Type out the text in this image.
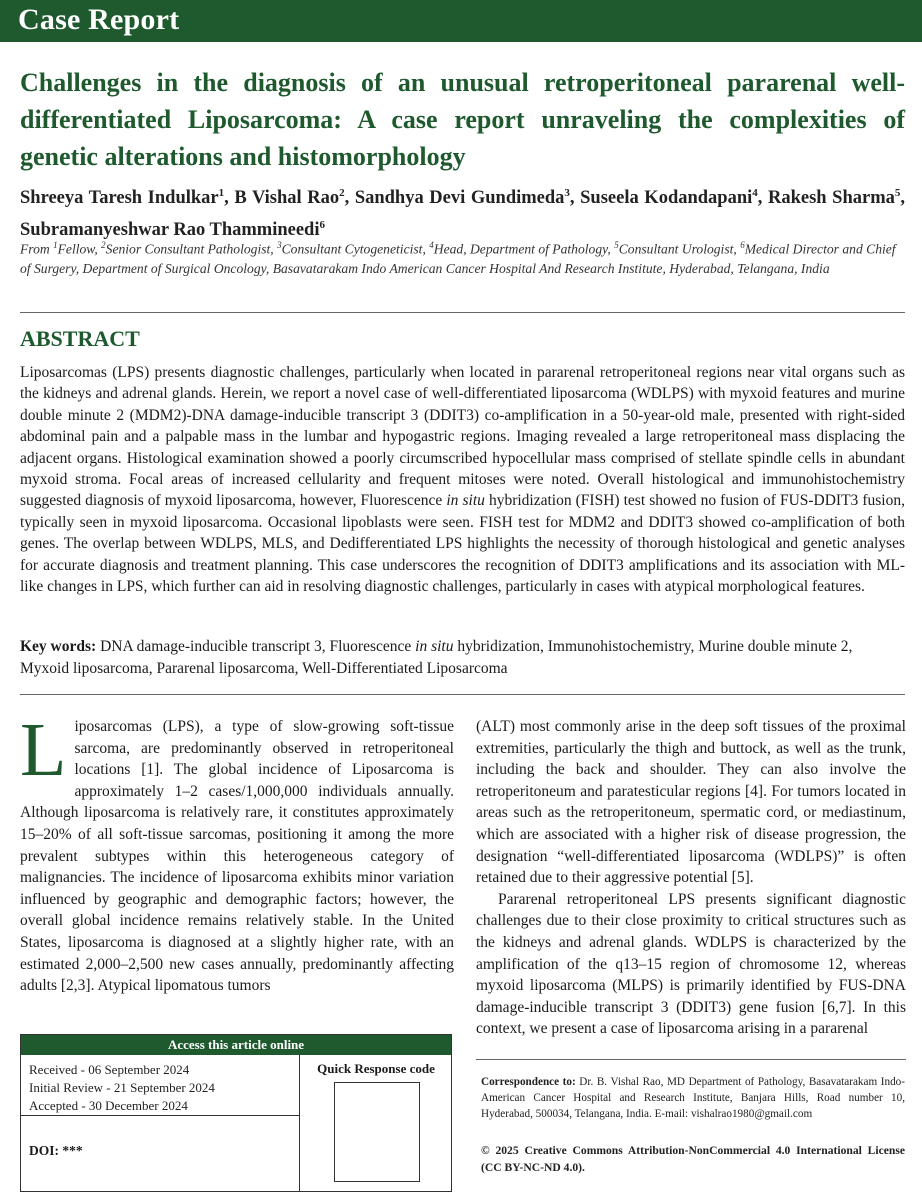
Case Report
Challenges in the diagnosis of an unusual retroperitoneal pararenal well-differentiated Liposarcoma: A case report unraveling the complexities of genetic alterations and histomorphology

Shreeya Taresh Indulkar$^1$, B Vishal Rao$^2$, Sandhya Devi Gundimeda$^3$, Suseela Kodandapani$^4$, Rakesh Sharma$^5$, Subramanyeshwar Rao Thammineedi$^6$

From $^1$Fellow, $^2$Senior Consultant Pathologist, $^3$Consultant Cytogeneticist, $^4$Head, Department of Pathology, $^5$Consultant Urologist, $^6$Medical Director and Chief of Surgery, Department of Surgical Oncology, Basavatarakam Indo American Cancer Hospital And Research Institute, Hyderabad, Telangana, India

ABSTRACT

Liposarcomas (LPS) presents diagnostic challenges, particularly when located in pararenal retroperitoneal regions near vital organs such as the kidneys and adrenal glands. Herein, we report a novel case of well-differentiated liposarcoma (WDLPS) with myxoid features and murine double minute 2 (MDM2)-DNA damage-inducible transcript 3 (DDIT3) co-amplification in a 50-year-old male, presented with right-sided abdominal pain and a palpable mass in the lumbar and hypogastric regions. Imaging revealed a large retroperitoneal mass displacing the adjacent organs. Histological examination showed a poorly circumscribed hypocellular mass comprised of stellate spindle cells in abundant myxoid stroma. Focal areas of increased cellularity and frequent mitoses were noted. Overall histological and immunohistochemistry suggested diagnosis of myxoid liposarcoma, however, Fluorescence in situ hybridization (FISH) test showed no fusion of FUS-DDIT3 fusion, typically seen in myxoid liposarcoma. Occasional lipoblasts were seen. FISH test for MDM2 and DDIT3 showed co-amplification of both genes. The overlap between WDLPS, MLS, and Dedifferentiated LPS highlights the necessity of thorough histological and genetic analyses for accurate diagnosis and treatment planning. This case underscores the recognition of DDIT3 amplifications and its association with ML-like changes in LPS, which further can aid in resolving diagnostic challenges, particularly in cases with atypical morphological features.

Key words: DNA damage-inducible transcript 3, Fluorescence in situ hybridization, Immunohistochemistry, Murine double minute 2, Myxoid liposarcoma, Pararenal liposarcoma, Well-Differentiated Liposarcoma

Liposarcomas (LPS), a type of slow-growing soft-tissue sarcoma, are predominantly observed in retroperitoneal locations [1]. The global incidence of Liposarcoma is approximately 1–2 cases/1,000,000 individuals annually. Although liposarcoma is relatively rare, it constitutes approximately 15–20% of all soft-tissue sarcomas, positioning it among the more prevalent subtypes within this heterogeneous category of malignancies. The incidence of liposarcoma exhibits minor variation influenced by geographic and demographic factors; however, the overall global incidence remains relatively stable. In the United States, liposarcoma is diagnosed at a slightly higher rate, with an estimated 2,000–2,500 new cases annually, predominantly affecting adults [2,3]. Atypical lipomatous tumors

(ALT) most commonly arise in the deep soft tissues of the proximal extremities, particularly the thigh and buttock, as well as the trunk, including the back and shoulder. They can also involve the retroperitoneum and paratesticular regions [4]. For tumors located in areas such as the retroperitoneum, spermatic cord, or mediastinum, which are associated with a higher risk of disease progression, the designation “well-differentiated liposarcoma (WDLPS)” is often retained due to their aggressive potential [5].

Pararenal retroperitoneal LPS presents significant diagnostic challenges due to their close proximity to critical structures such as the kidneys and adrenal glands. WDLPS is characterized by the amplification of the q13–15 region of chromosome 12, whereas myxoid liposarcoma (MLPS) is primarily identified by FUS-DNA damage-inducible transcript 3 (DDIT3) gene fusion [6,7]. In this context, we present a case of liposarcoma arising in a pararenal

Access this article online
Received - 06 September 2024
Initial Review - 21 September 2024
Accepted - 30 December 2024
DOI: ***
Quick Response code

Correspondence to: Dr. B. Vishal Rao, MD Department of Pathology, Basavatarakam Indo-American Cancer Hospital and Research Institute, Banjara Hills, Road number 10, Hyderabad, 500034, Telangana, India. E-mail: vishalrao1980@gmail.com

© 2025 Creative Commons Attribution-NonCommercial 4.0 International License (CC BY-NC-ND 4.0).
